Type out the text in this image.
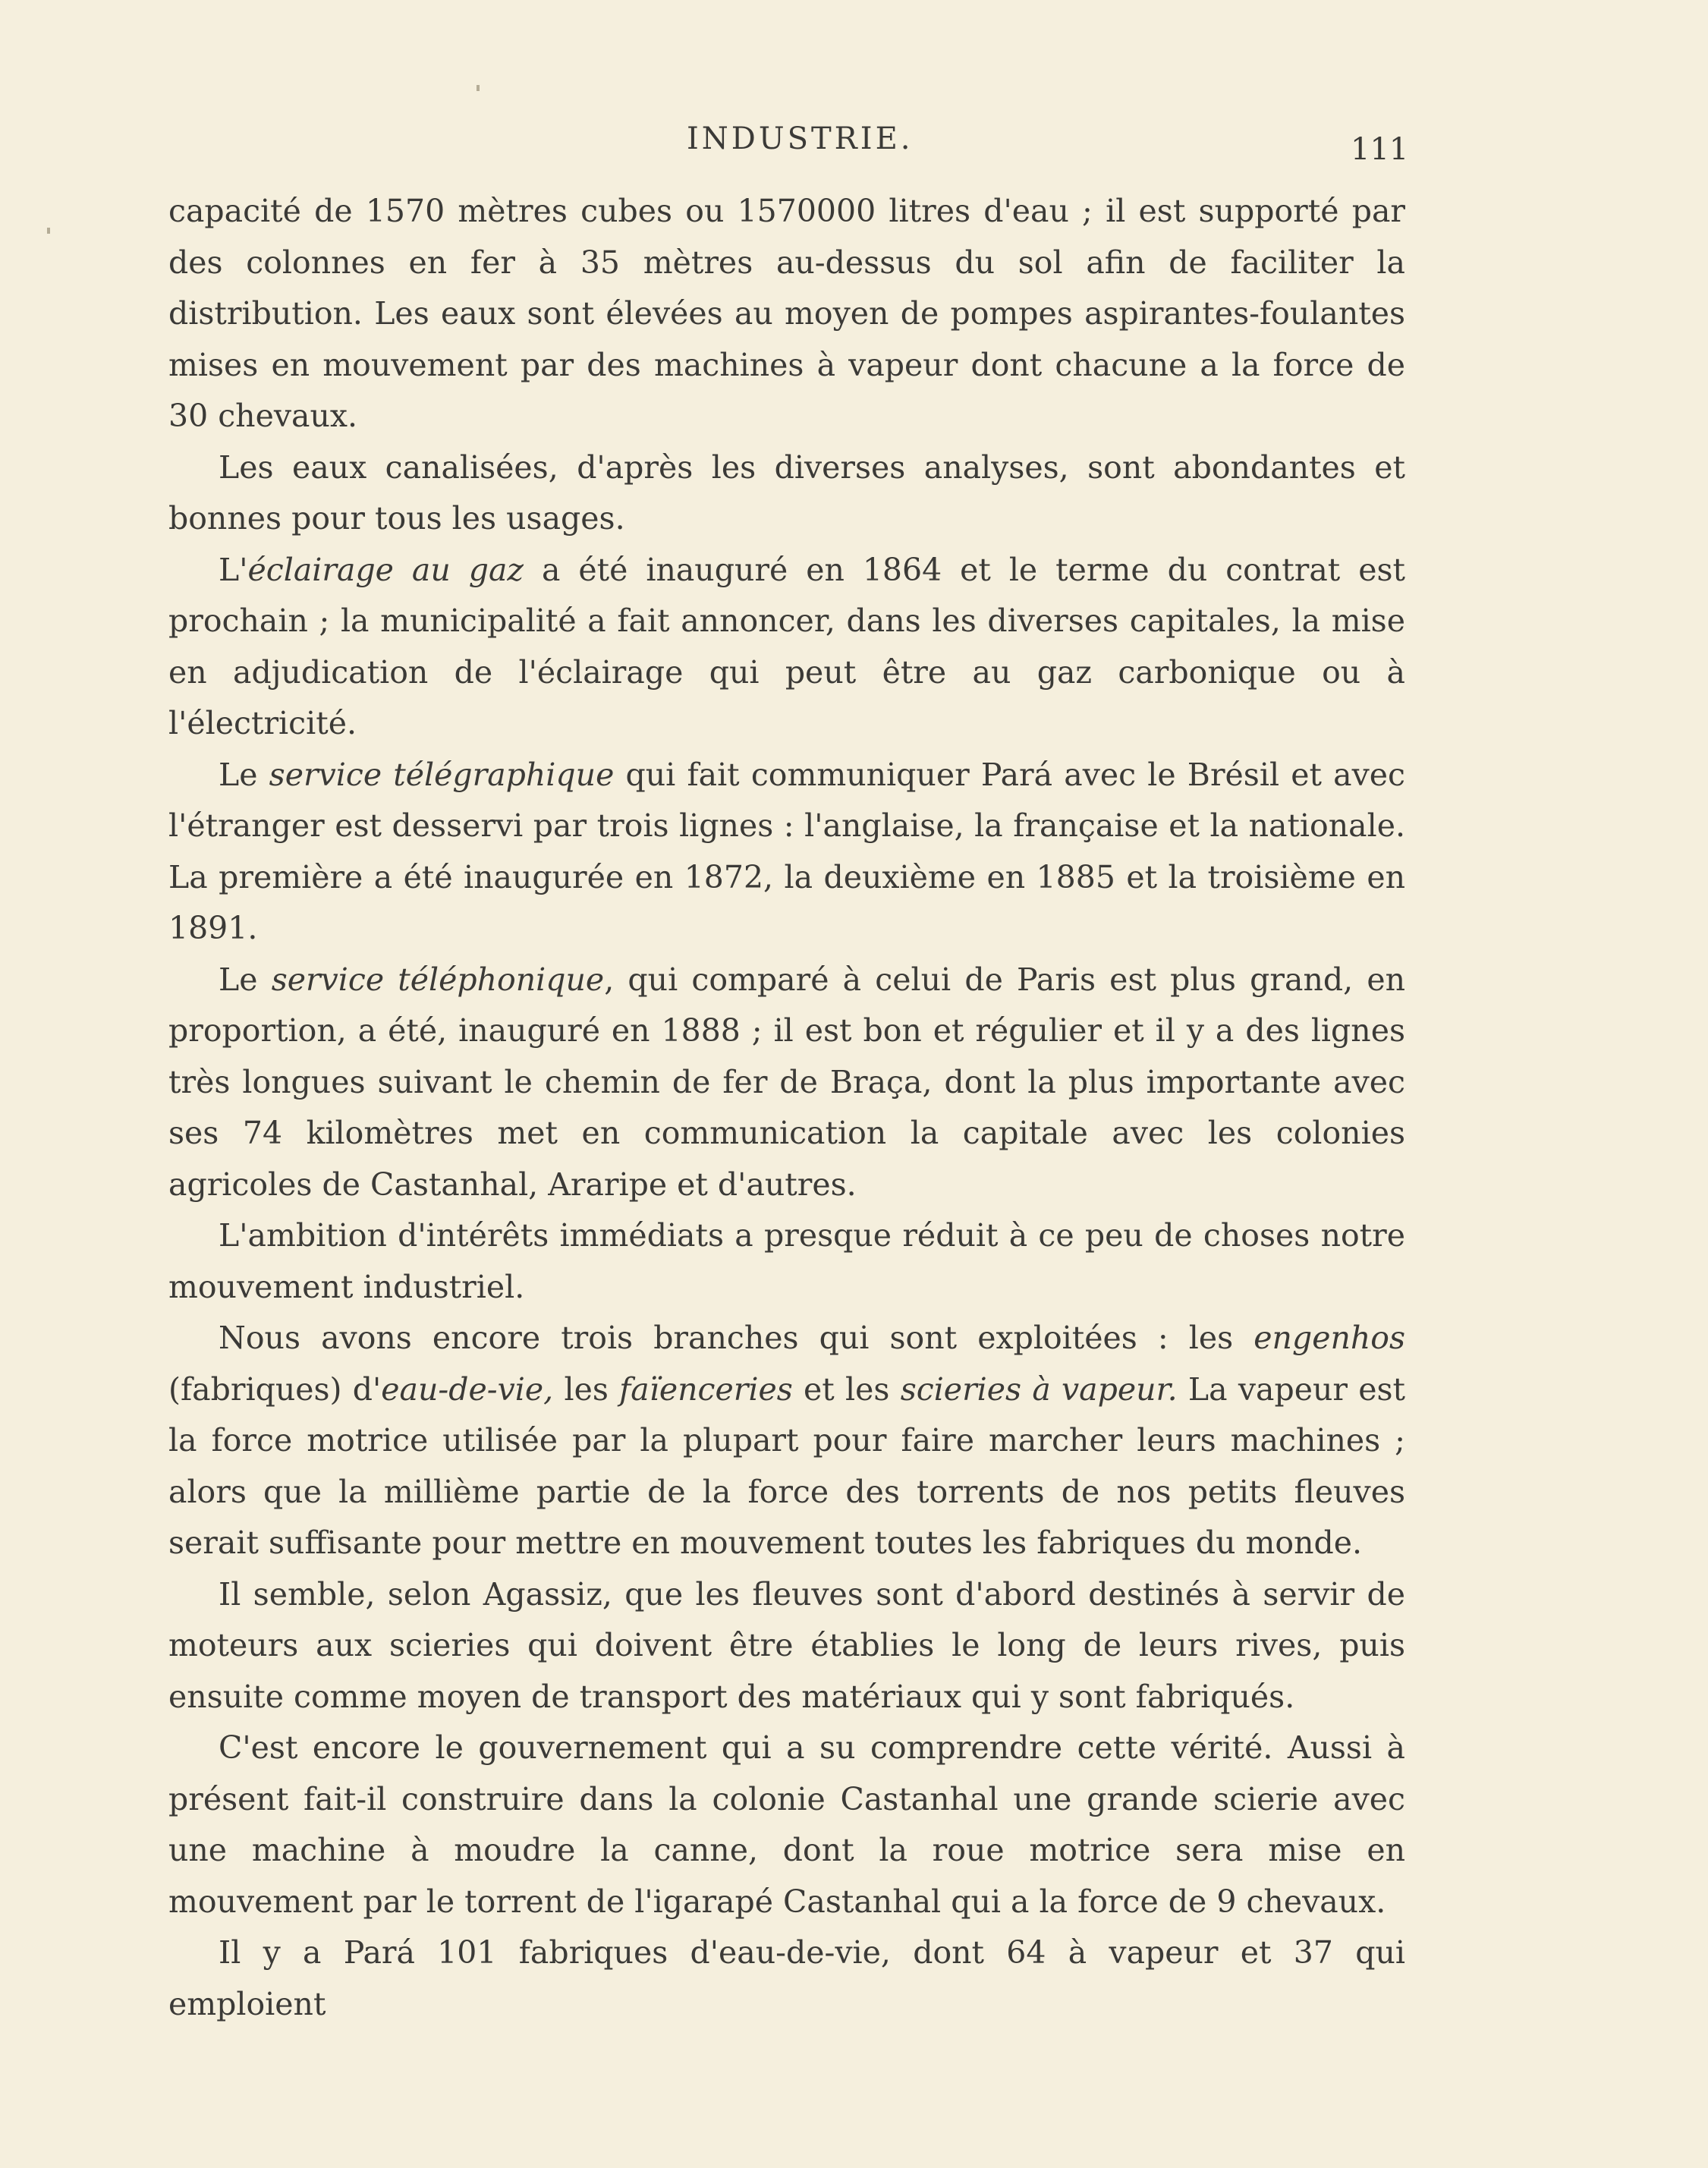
INDUSTRIE.	111

capacité de 1570 mètres cubes ou 1570000 litres d'eau ; il est supporté par des colonnes en fer à 35 mètres au-dessus du sol afin de faciliter la distribution. Les eaux sont élevées au moyen de pompes aspirantes-foulantes mises en mouvement par des machines à vapeur dont chacune a la force de 30 chevaux.

Les eaux canalisées, d'après les diverses analyses, sont abondantes et bonnes pour tous les usages.

L'éclairage au gaz a été inauguré en 1864 et le terme du contrat est prochain ; la municipalité a fait annoncer, dans les diverses capitales, la mise en adjudication de l'éclairage qui peut être au gaz carbonique ou à l'électricité.

Le service télégraphique qui fait communiquer Pará avec le Brésil et avec l'étranger est desservi par trois lignes : l'anglaise, la française et la nationale. La première a été inaugurée en 1872, la deuxième en 1885 et la troisième en 1891.

Le service téléphonique, qui comparé à celui de Paris est plus grand, en proportion, a été, inauguré en 1888 ; il est bon et régulier et il y a des lignes très longues suivant le chemin de fer de Braça, dont la plus importante avec ses 74 kilomètres met en communication la capitale avec les colonies agricoles de Castanhal, Araripe et d'autres.

L'ambition d'intérêts immédiats a presque réduit à ce peu de choses notre mouvement industriel.

Nous avons encore trois branches qui sont exploitées : les engenhos (fabriques) d'eau-de-vie, les faïenceries et les scieries à vapeur. La vapeur est la force motrice utilisée par la plupart pour faire marcher leurs machines ; alors que la millième partie de la force des torrents de nos petits fleuves serait suffisante pour mettre en mouvement toutes les fabriques du monde.

Il semble, selon Agassiz, que les fleuves sont d'abord destinés à servir de moteurs aux scieries qui doivent être établies le long de leurs rives, puis ensuite comme moyen de transport des matériaux qui y sont fabriqués.

C'est encore le gouvernement qui a su comprendre cette vérité. Aussi à présent fait-il construire dans la colonie Castanhal une grande scierie avec une machine à moudre la canne, dont la roue motrice sera mise en mouvement par le torrent de l'igarapé Castanhal qui a la force de 9 chevaux.

Il y a Pará 101 fabriques d'eau-de-vie, dont 64 à vapeur et 37 qui emploient
